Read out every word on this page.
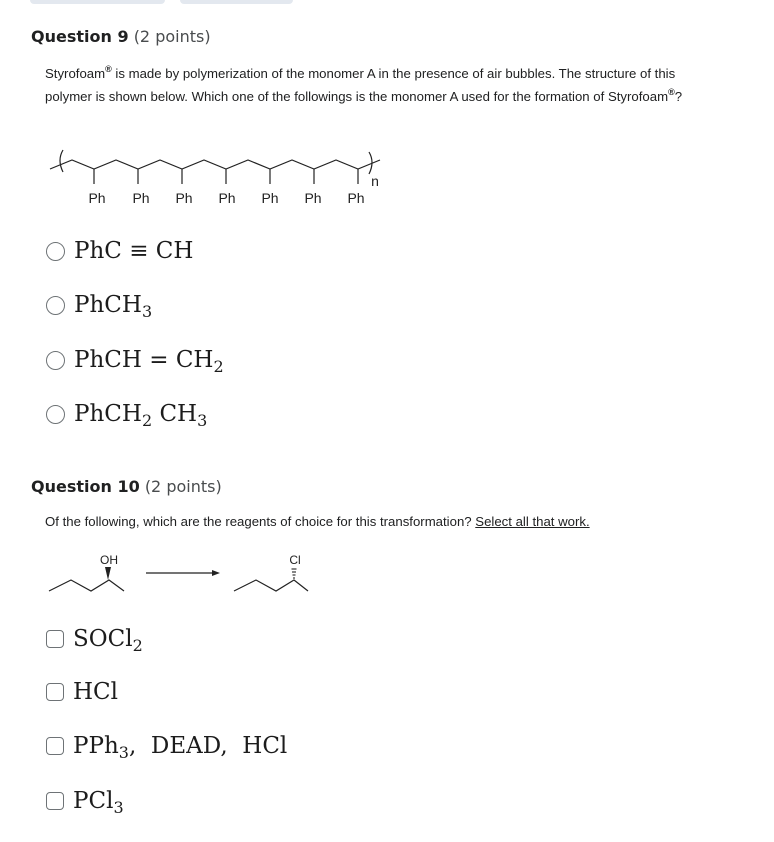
Question 9 (2 points)
Styrofoam® is made by polymerization of the monomer A in the presence of air bubbles. The structure of this polymer is shown below. Which one of the followings is the monomer A used for the formation of Styrofoam®?
Ph Ph Ph Ph Ph Ph Ph
n
PhC ≡ CH
PhCH$_3$
PhCH = $CH_2$
PhCH$_2$ $CH_3$
Question 10 (2 points)
Of the following, which are the reagents of choice for this transformation? Select all that work.
OH	Cl
SOCl$_2$
HCl
PPh$_3$,  DEAD,  HCl
PCl$_3$
